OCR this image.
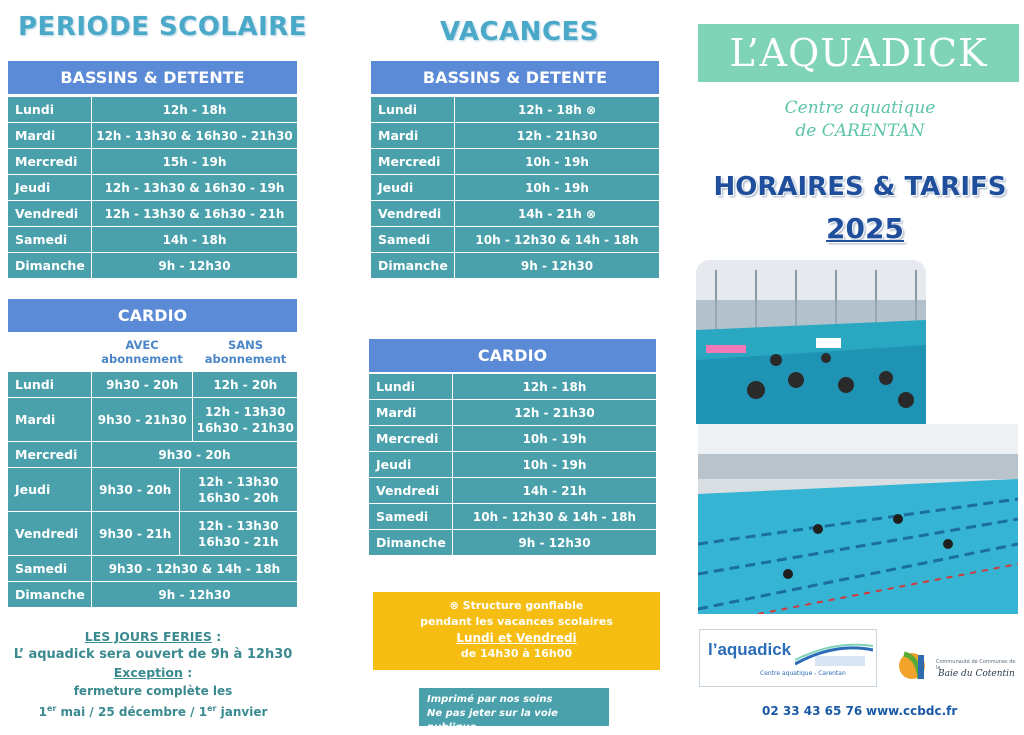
PERIODE SCOLAIRE
BASSINS & DETENTE
Lundi	12h - 18h
Mardi	12h - 13h30 & 16h30 - 21h30
Mercredi	15h - 19h
Jeudi	12h - 13h30 & 16h30 - 19h
Vendredi	12h - 13h30 & 16h30 - 21h
Samedi	14h - 18h
Dimanche	9h - 12h30
CARDIO
AVEC
abonnement
SANS
abonnement
Lundi	9h30 - 20h		12h - 20h
Mardi	9h30 - 21h30		12h - 13h30
16h30 - 21h30

Mercredi	9h30 - 20h		
Jeudi	9h30 - 20h	12h - 13h30
16h30 - 20h	

Vendredi	9h30 - 21h	12h - 13h30
16h30 - 21h	

Samedi	9h30 - 12h30 & 14h - 18h		
Dimanche	9h - 12h30		
LES JOURS FERIES :
L’ aquadick sera ouvert de 9h à 12h30
Exception :
fermeture complète les
1er mai / 25 décembre / 1er janvier
VACANCES
BASSINS & DETENTE
Lundi	12h - 18h ⊗
Mardi	12h - 21h30
Mercredi	10h - 19h
Jeudi	10h - 19h
Vendredi	14h - 21h ⊗
Samedi	10h - 12h30 & 14h - 18h
Dimanche	9h - 12h30
CARDIO
Lundi	12h - 18h
Mardi	12h - 21h30
Mercredi	10h - 19h
Jeudi	10h - 19h
Vendredi	14h - 21h
Samedi	10h - 12h30 & 14h - 18h
Dimanche	9h - 12h30
⊗ Structure gonflable
pendant les vacances scolaires
Lundi et Vendredi
de 14h30 à 16h00
Imprimé par nos soins
Ne pas jeter sur la voie publique
L’AQUADICK
Centre aquatique
de CARENTAN
HORAIRES & TARIFS
2025
l’aquadick
Centre aquatique - Carentan
Communauté de Communes de la
Baie du Cotentin
02 33 43 65 76 www.ccbdc.fr
